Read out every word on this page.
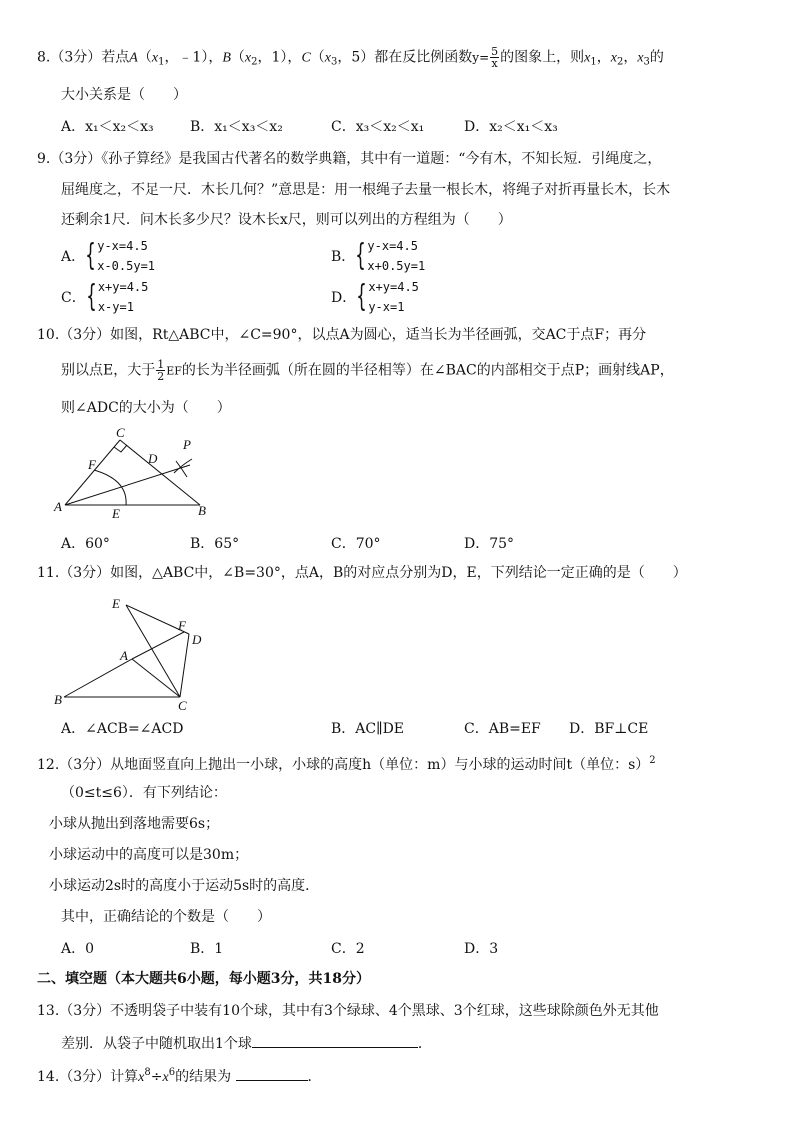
8.（3分）若点$A(x_1$，﹣1），$B(x_2$，1），$C(x_3$，5）都在反比例函数$y= \frac{5}{x}$ 的图象上，则$x_1$，$x_2$，$x_3$的
大小关系是（　　）
A．x₁＜x₂＜x₃	B．x₁＜x₃＜x₂	C．x₃＜x₂＜x₁	D．x₂＜x₁＜x₃
9.（3分）《孙子算经》是我国古代著名的数学典籍，其中有一道题：“今有木，不知长短．引绳度之，
屈绳度之，不足一尺．木长几何？”意思是：用一根绳子去量一根长木，将绳子对折再量长木，长木
还剩余1尺．问木长多少尺？设木长x尺，则可以列出的方程组为（　　）
A． { y-x=4.5
x-0.5y=1
B． { y-x=4.5
x+0.5y=1
C． { x+y=4.5
x-y=1
D． { x+y=4.5
y-x=1
10.（3分）如图，Rt△ABC中，∠C=90°，以点A为圆心，适当长为半径画弧，交AC于点F；再分
别以点E，大于 $\frac{1}{2}$ EF的长为半径画弧（所在圆的半径相等）在∠BAC的内部相交于点P；画射线AP，
则∠ADC的大小为（　　）
C
P
F	D
A	E	B
A．60°	B．65°	C．70°	D．75°
11.（3分）如图，△ABC中，∠B=30°，点A，B的对应点分别为D，E，下列结论一定正确的是（　　）
E
F
D
A
B	C
A．∠ACB=∠ACD	B．AC∥DE	C．AB=EF D．BF⊥CE
12.（3分）从地面竖直向上抛出一小球，小球的高度h（单位：m）与小球的运动时间t（单位：s）$^2$
（0≤t≤6）．有下列结论：
小球从抛出到落地需要6s；
小球运动中的高度可以是30m；
小球运动2s时的高度小于运动5s时的高度．
其中，正确结论的个数是（　　）
A．0	B．1	C．2	D．3
二、填空题（本大题共6小题，每小题3分，共18分）
13.（3分）不透明袋子中装有10个球，其中有3个绿球、4个黑球、3个红球，这些球除颜色外无其他
差别．从袋子中随机取出1个球	．
14.（3分）计算$x^8\div x^6$的结果为	．
